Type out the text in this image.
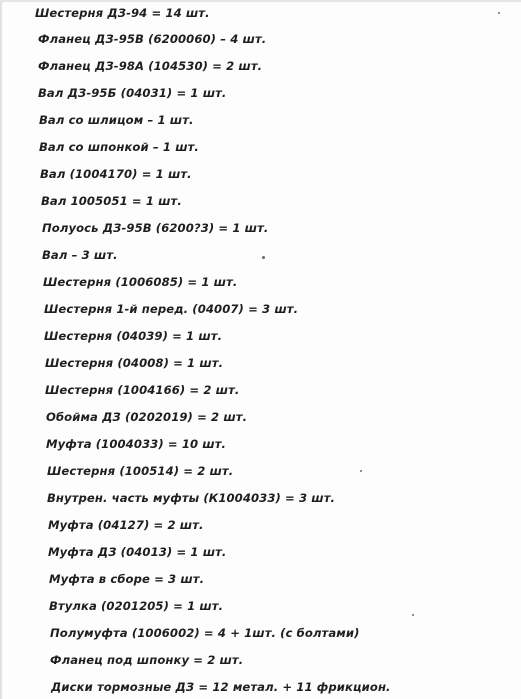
Шестерня ДЗ-94 = 14 шт.
Фланец ДЗ-95В (6200060) – 4 шт.
Фланец ДЗ-98А (104530) = 2 шт.
Вал ДЗ-95Б (04031) = 1 шт.
Вал со шлицом – 1 шт.
Вал со шпонкой – 1 шт.
Вал (1004170) = 1 шт.
Вал 1005051 = 1 шт.
Полуось ДЗ-95В (6200?3) = 1 шт.
Вал – 3 шт.
Шестерня (1006085) = 1 шт.
Шестерня 1-й перед. (04007) = 3 шт.
Шестерня (04039) = 1 шт.
Шестерня (04008) = 1 шт.
Шестерня (1004166) = 2 шт.
Обойма ДЗ (0202019) = 2 шт.
Муфта (1004033) = 10 шт.
Шестерня (100514) = 2 шт.
Внутрен. часть муфты (К1004033) = 3 шт.
Муфта (04127) = 2 шт.
Муфта ДЗ (04013) = 1 шт.
Муфта в сборе = 3 шт.
Втулка (0201205) = 1 шт.
Полумуфта (1006002) = 4 + 1шт. (с болтами)
Фланец под шпонку = 2 шт.
Диски тормозные ДЗ = 12 метал. + 11 фрикцион.
